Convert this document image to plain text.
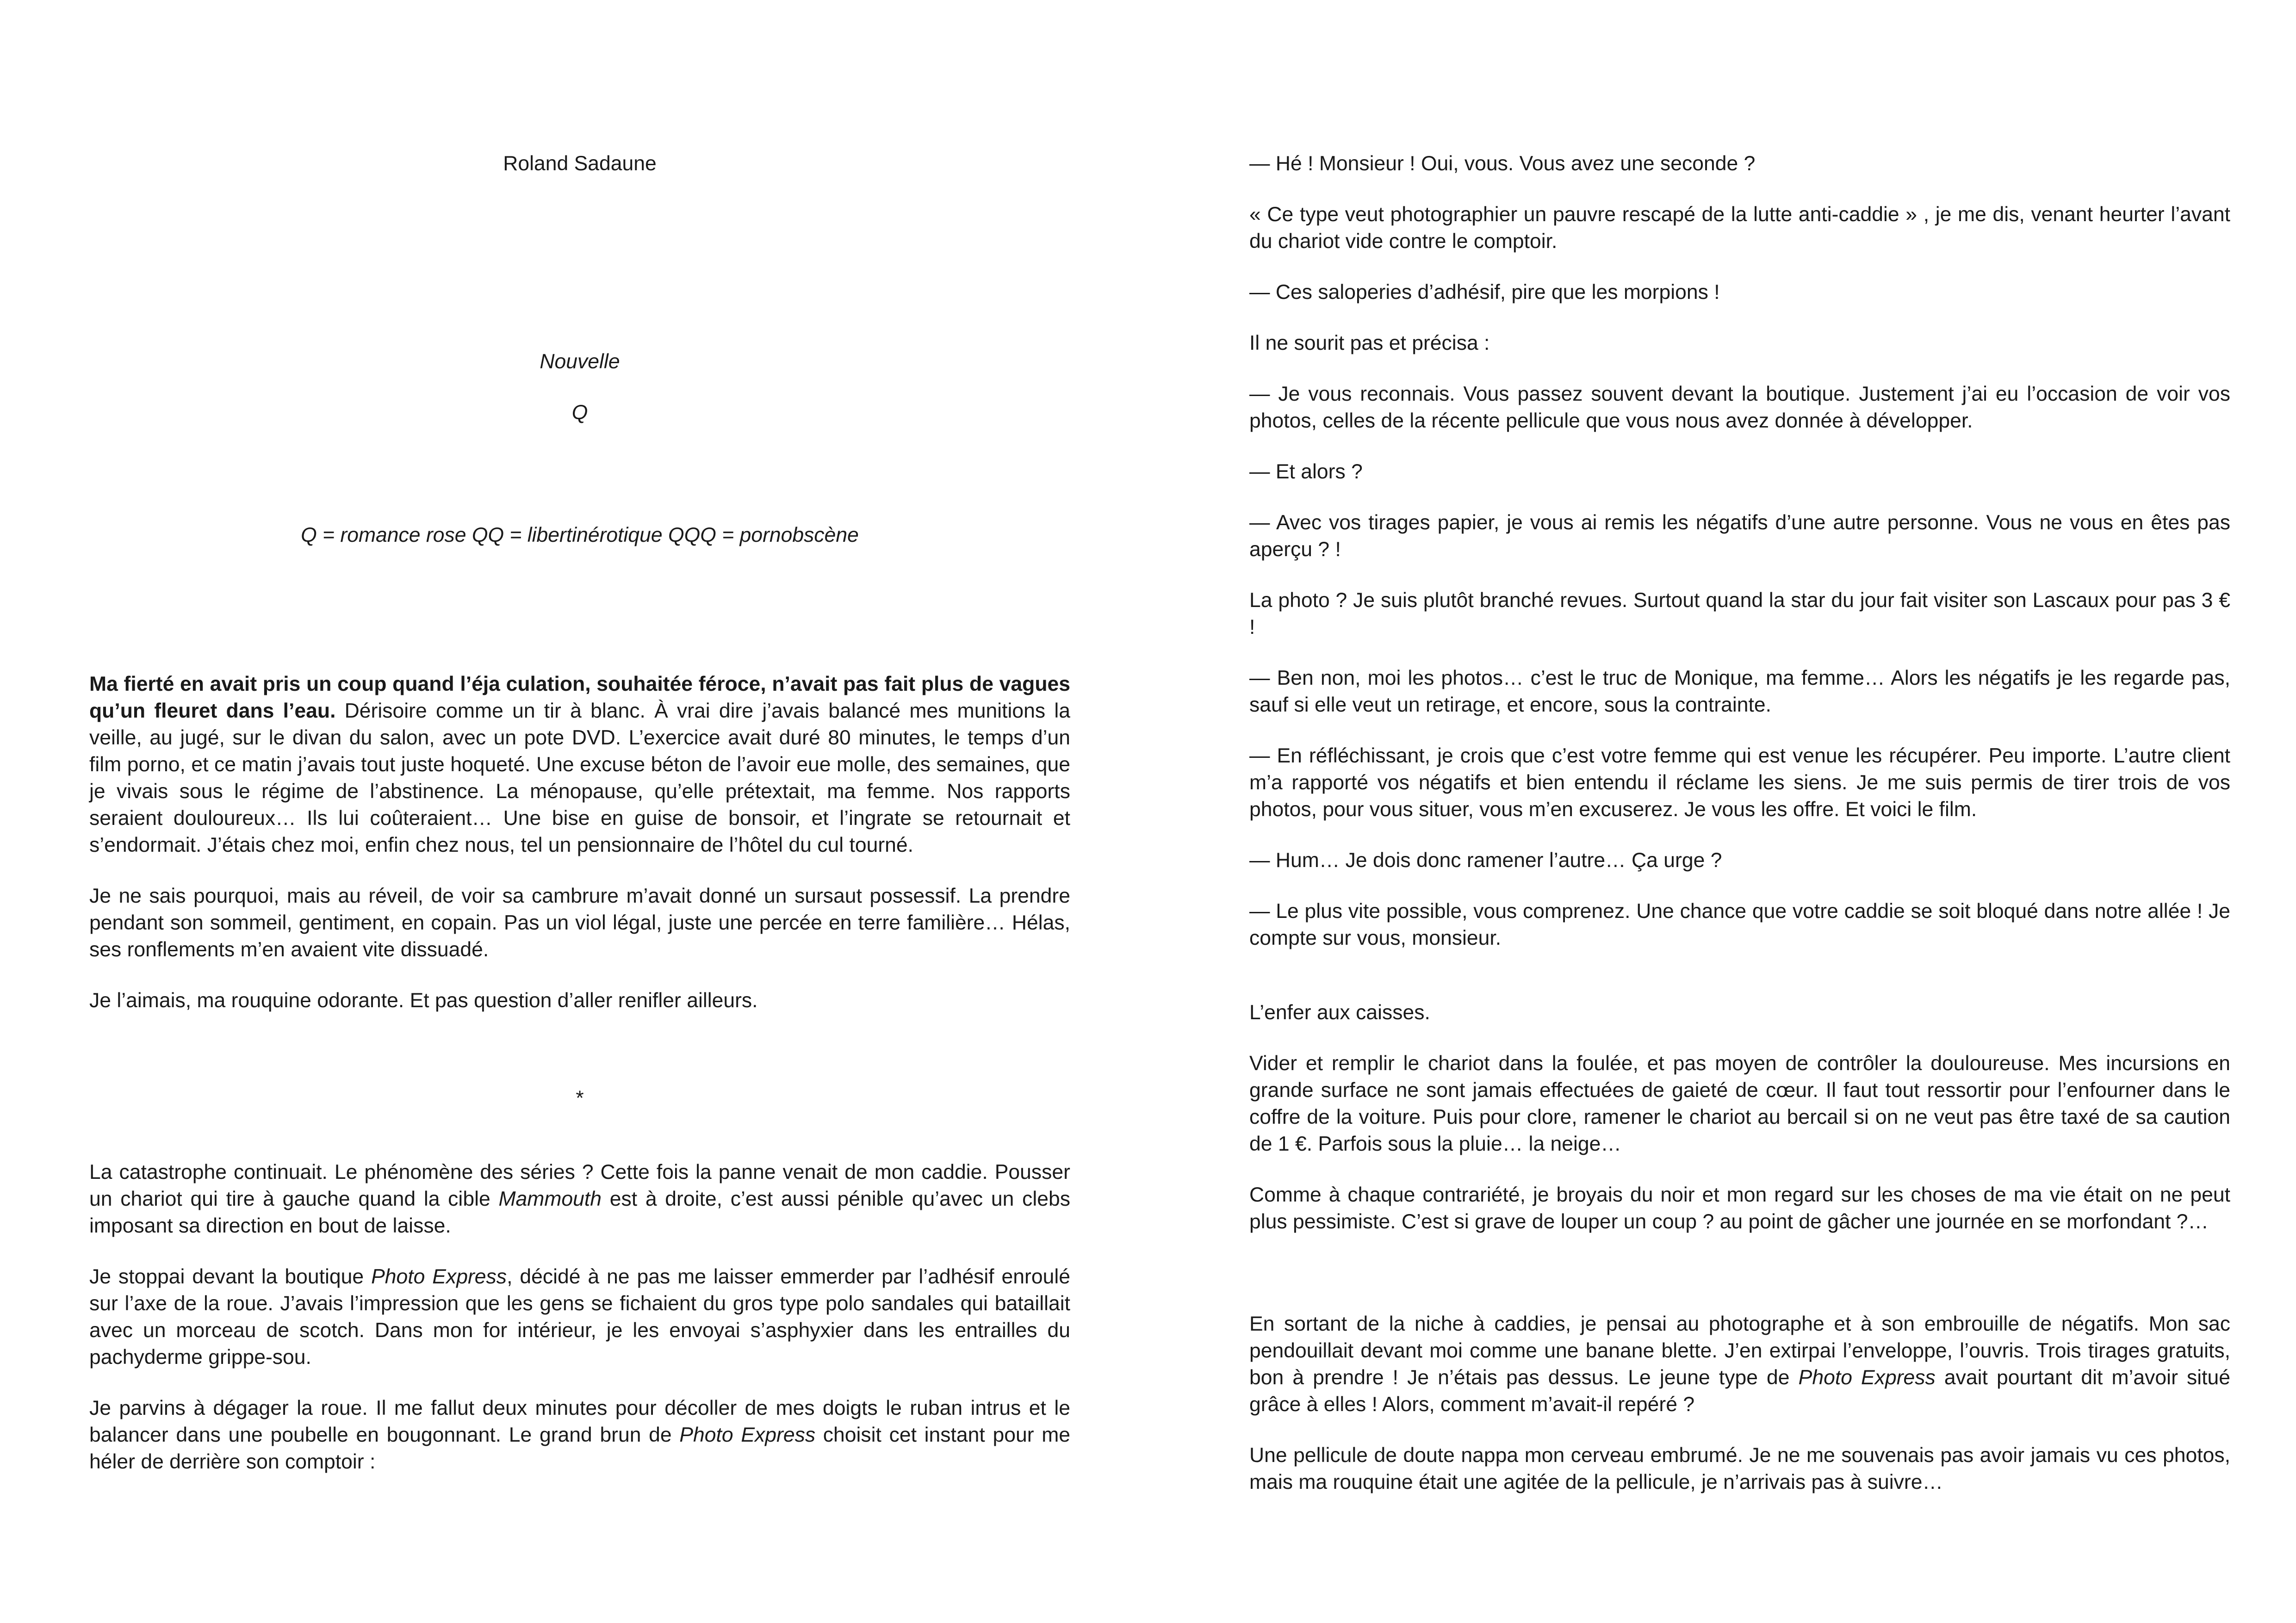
Roland Sadaune

Nouvelle

Q

Q = romance rose QQ = libertinérotique QQQ = pornobscène

Ma fierté en avait pris un coup quand l’éja culation, souhaitée féroce, n’avait pas fait plus de vagues qu’un fleuret dans l’eau. Dérisoire comme un tir à blanc. À vrai dire j’avais balancé mes munitions la veille, au jugé, sur le divan du salon, avec un pote DVD. L’exercice avait duré 80 minutes, le temps d’un film porno, et ce matin j’avais tout juste hoqueté. Une excuse béton de l’avoir eue molle, des semaines, que je vivais sous le régime de l’abstinence. La ménopause, qu’elle prétextait, ma femme. Nos rapports seraient douloureux… Ils lui coûteraient… Une bise en guise de bonsoir, et l’ingrate se retournait et s’endormait. J’étais chez moi, enfin chez nous, tel un pensionnaire de l’hôtel du cul tourné.

Je ne sais pourquoi, mais au réveil, de voir sa cambrure m’avait donné un sursaut possessif. La prendre pendant son sommeil, gentiment, en copain. Pas un viol légal, juste une percée en terre familière… Hélas, ses ronflements m’en avaient vite dissuadé.

Je l’aimais, ma rouquine odorante. Et pas question d’aller renifler ailleurs.

*

La catastrophe continuait. Le phénomène des séries ? Cette fois la panne venait de mon caddie. Pousser un chariot qui tire à gauche quand la cible Mammouth est à droite, c’est aussi pénible qu’avec un clebs imposant sa direction en bout de laisse.

Je stoppai devant la boutique Photo Express, décidé à ne pas me laisser emmerder par l’adhésif enroulé sur l’axe de la roue. J’avais l’impression que les gens se fichaient du gros type polo sandales qui bataillait avec un morceau de scotch. Dans mon for intérieur, je les envoyai s’asphyxier dans les entrailles du pachyderme grippe-sou.

Je parvins à dégager la roue. Il me fallut deux minutes pour décoller de mes doigts le ruban intrus et le balancer dans une poubelle en bougonnant. Le grand brun de Photo Express choisit cet instant pour me héler de derrière son comptoir :

— Hé ! Monsieur ! Oui, vous. Vous avez une seconde ?

« Ce type veut photographier un pauvre rescapé de la lutte anti-caddie » , je me dis, venant heurter l’avant du chariot vide contre le comptoir.

— Ces saloperies d’adhésif, pire que les morpions !

Il ne sourit pas et précisa :

— Je vous reconnais. Vous passez souvent devant la boutique. Justement j’ai eu l’occasion de voir vos photos, celles de la récente pellicule que vous nous avez donnée à développer.

— Et alors ?

— Avec vos tirages papier, je vous ai remis les négatifs d’une autre personne. Vous ne vous en êtes pas aperçu ? !

La photo ? Je suis plutôt branché revues. Surtout quand la star du jour fait visiter son Lascaux pour pas 3 € !

— Ben non, moi les photos… c’est le truc de Monique, ma femme… Alors les négatifs je les regarde pas, sauf si elle veut un retirage, et encore, sous la contrainte.

— En réfléchissant, je crois que c’est votre femme qui est venue les récupérer. Peu importe. L’autre client m’a rapporté vos négatifs et bien entendu il réclame les siens. Je me suis permis de tirer trois de vos photos, pour vous situer, vous m’en excuserez. Je vous les offre. Et voici le film.

— Hum… Je dois donc ramener l’autre… Ça urge ?

— Le plus vite possible, vous comprenez. Une chance que votre caddie se soit bloqué dans notre allée ! Je compte sur vous, monsieur.

L’enfer aux caisses.

Vider et remplir le chariot dans la foulée, et pas moyen de contrôler la douloureuse. Mes incursions en grande surface ne sont jamais effectuées de gaieté de cœur. Il faut tout ressortir pour l’enfourner dans le coffre de la voiture. Puis pour clore, ramener le chariot au bercail si on ne veut pas être taxé de sa caution de 1 €. Parfois sous la pluie… la neige…

Comme à chaque contrariété, je broyais du noir et mon regard sur les choses de ma vie était on ne peut plus pessimiste. C’est si grave de louper un coup ? au point de gâcher une journée en se morfondant ?…

En sortant de la niche à caddies, je pensai au photographe et à son embrouille de négatifs. Mon sac pendouillait devant moi comme une banane blette. J’en extirpai l’enveloppe, l’ouvris. Trois tirages gratuits, bon à prendre ! Je n’étais pas dessus. Le jeune type de Photo Express avait pourtant dit m’avoir situé grâce à elles ! Alors, comment m’avait-il repéré ?

Une pellicule de doute nappa mon cerveau embrumé. Je ne me souvenais pas avoir jamais vu ces photos, mais ma rouquine était une agitée de la pellicule, je n’arrivais pas à suivre…
